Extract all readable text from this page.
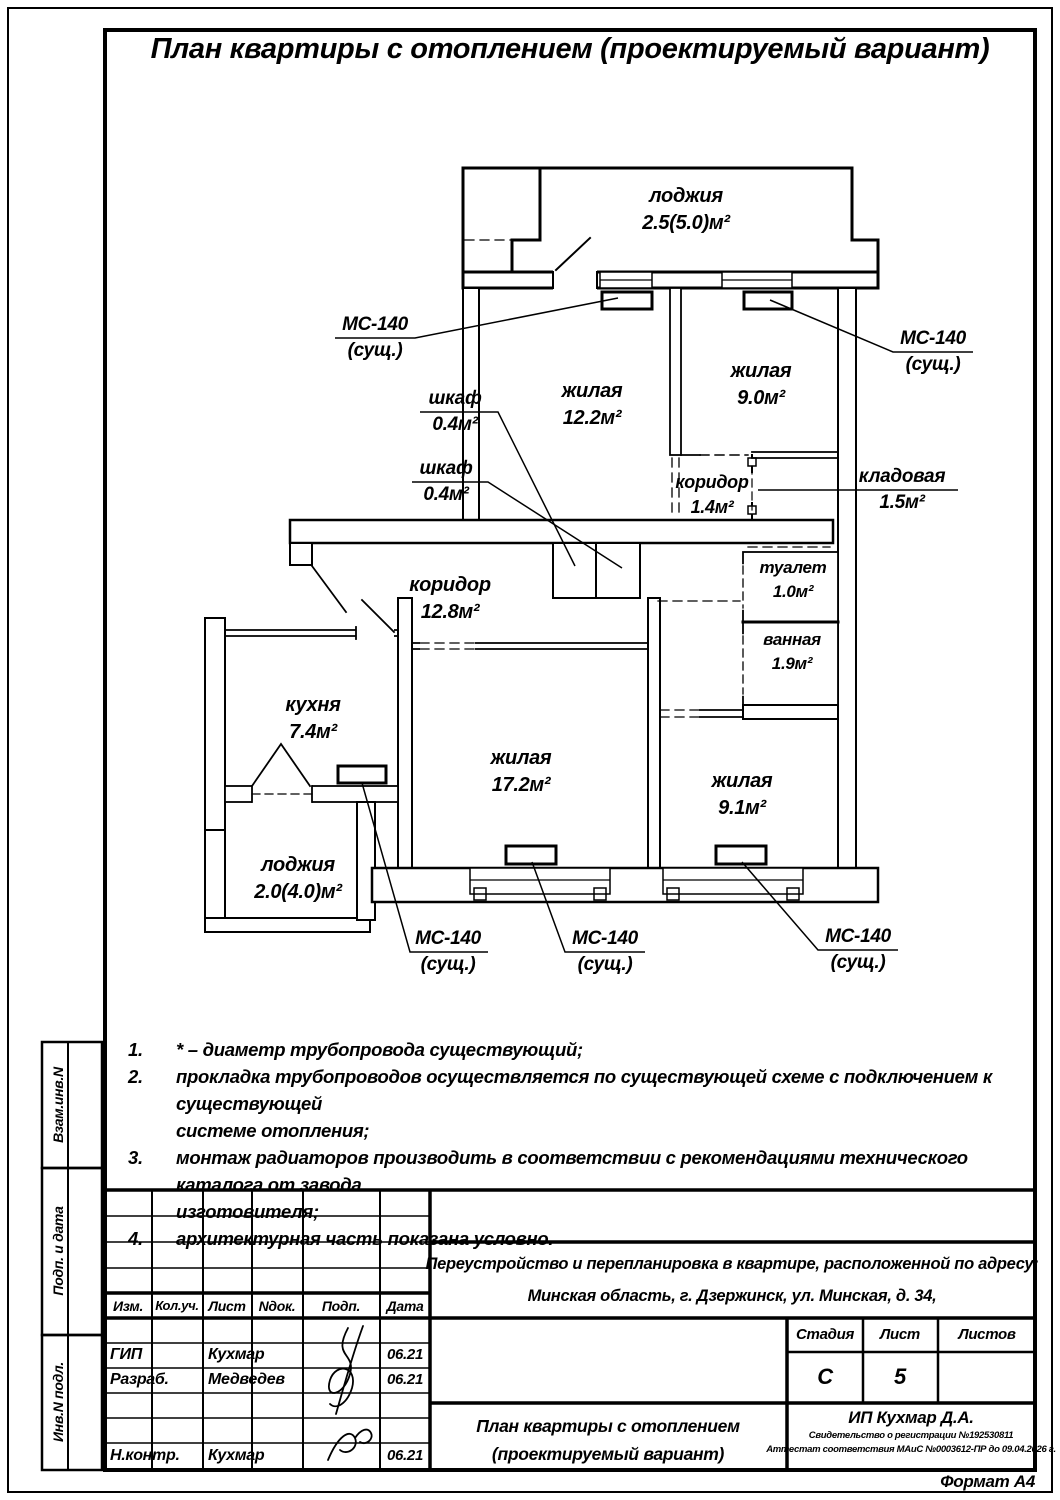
План квартиры с отоплением (проектируемый вариант)
лоджия
2.5(5.0)м²
жилая
12.2м²
жилая
9.0м²
коридор
1.4м²
кладовая
1.5м²
шкаф
0.4м²
шкаф
0.4м²
коридор
12.8м²
туалет
1.0м²
ванная
1.9м²
кухня
7.4м²
жилая
17.2м²	жилая
9.1м²
лоджия
2.0(4.0)м²
МС-140
(сущ.)
МС-140
(сущ.)
МС-140
(сущ.)
МС-140
(сущ.)
МС-140
(сущ.)
1.	* – диаметр трубопровода существующий;
2.	прокладка трубопроводов осуществляется по существующей схеме с подключением к существующей
системе отопления;
3.	монтаж радиаторов производить в соответствии с рекомендациями технического каталога от завода
изготовителя;
4.	архитектурная часть показана условно.
Изм. Кол.уч. Лист Nдок. Подп. Дата
ГИП	Кухмар	06.21
Разраб. Медведев	06.21
Н.контр. Кухмар	06.21
Переустройство и перепланировка в квартире, расположенной по адресу:
Минская область, г. Дзержинск, ул. Минская, д. 34,
Стадия Лист	Листов
С	5
План квартиры с отоплением
(проектируемый вариант)
ИП Кухмар Д.А.
Свидетельство о регистрации №192530811
Аттестат соответствия МАиС №0003612-ПР до 09.04.2026 г.
Взам.инв.N
Подп. и дата
Инв.N подл.
Формат А4
